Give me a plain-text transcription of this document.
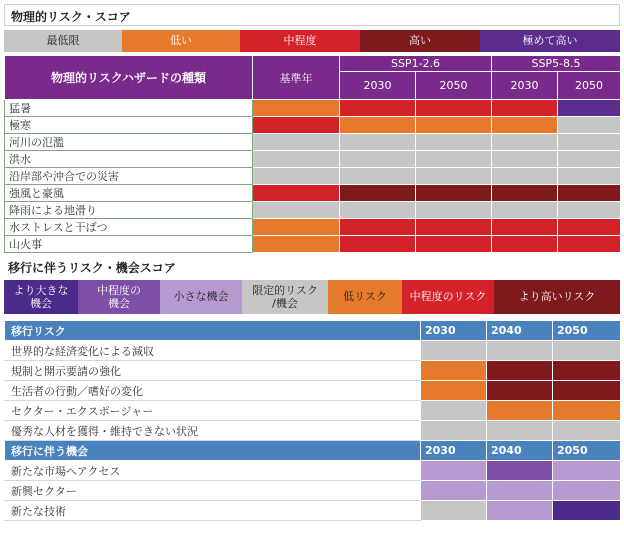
物理的リスク・スコア
最低限	低い	中程度	高い	極めて高い
物理的リスクハザードの種類	基準年	SSP1-2.6		SSP5-8.5	
		2030	2050	2030	2050
猛暑					
極寒					
河川の氾濫					
洪水					
沿岸部や沖合での災害					
強風と豪風					
降雨による地滑り					
水ストレスと干ばつ					
山火事					
移行に伴うリスク・機会スコア
より大きな
機会
中程度の
機会
小さな機会
限定的リスク
/機会
低リスク	中程度のリスク	より高いリスク
移行リスク	2030	2040	2050
世界的な経済変化による減収			
規制と開示要請の強化			
生活者の行動／嗜好の変化			
セクター・エクスポージャー			
優秀な人材を獲得・維持できない状況			
移行に伴う機会	2030	2040	2050
新たな市場へアクセス			
新興セクター			
新たな技術			
